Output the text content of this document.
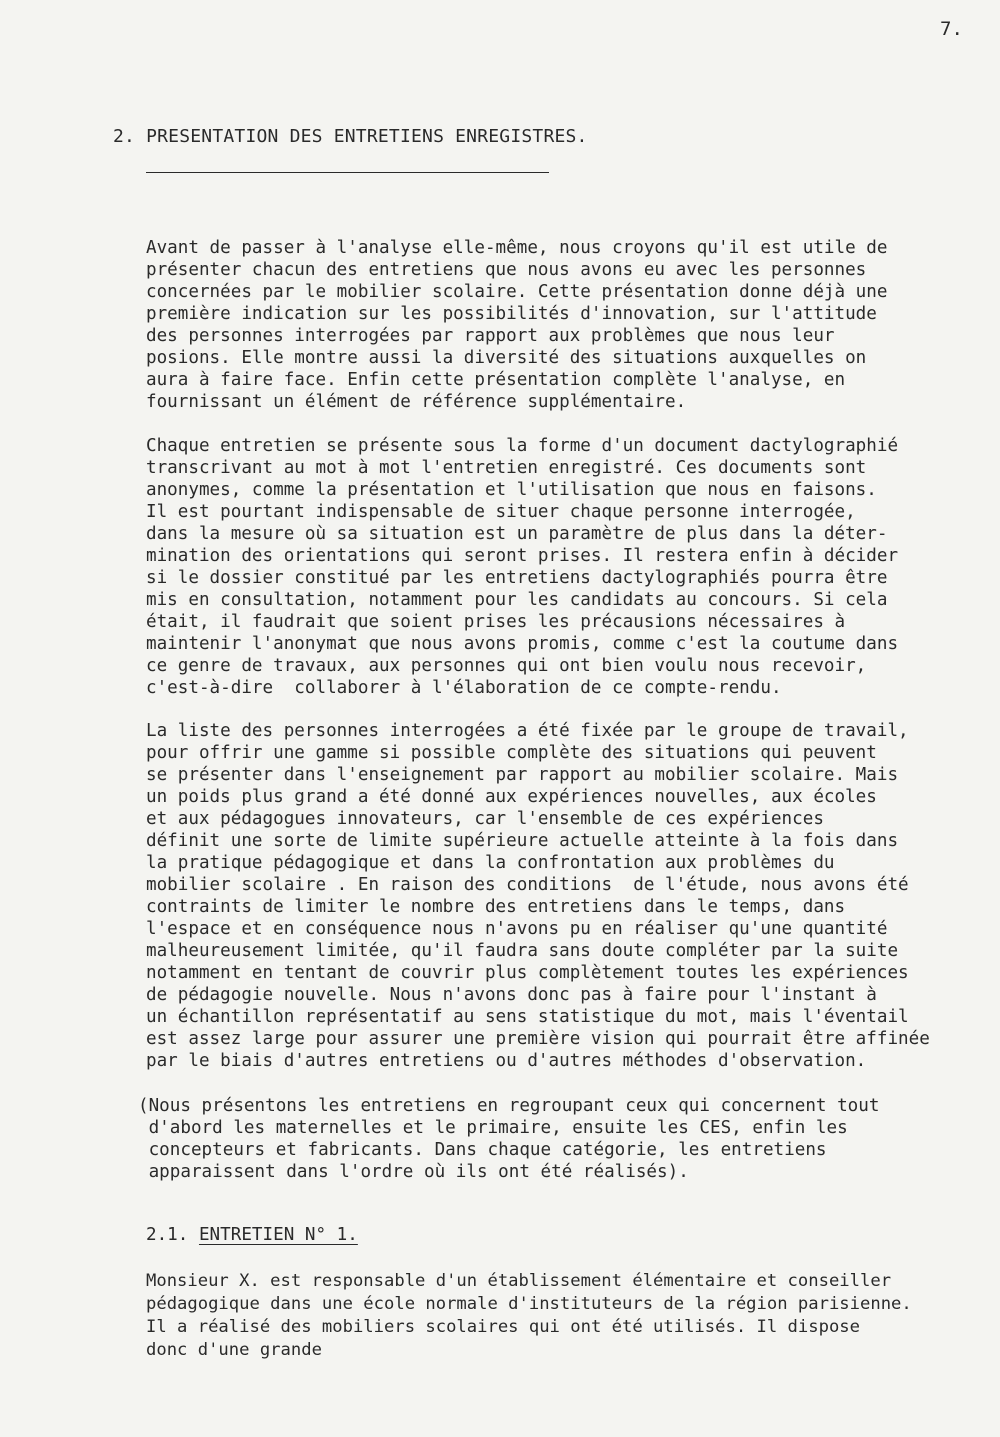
7.
2. PRESENTATION DES ENTRETIENS ENREGISTRES.

Avant de passer à l'analyse elle-même, nous croyons qu'il est utile de
présenter chacun des entretiens que nous avons eu avec les personnes
concernées par le mobilier scolaire. Cette présentation donne déjà une
première indication sur les possibilités d'innovation, sur l'attitude
des personnes interrogées par rapport aux problèmes que nous leur
posions. Elle montre aussi la diversité des situations auxquelles on
aura à faire face. Enfin cette présentation complète l'analyse, en
fournissant un élément de référence supplémentaire.

Chaque entretien se présente sous la forme d'un document dactylographié
transcrivant au mot à mot l'entretien enregistré. Ces documents sont
anonymes, comme la présentation et l'utilisation que nous en faisons.
Il est pourtant indispensable de situer chaque personne interrogée,
dans la mesure où sa situation est un paramètre de plus dans la déter-
mination des orientations qui seront prises. Il restera enfin à décider
si le dossier constitué par les entretiens dactylographiés pourra être
mis en consultation, notamment pour les candidats au concours. Si cela
était, il faudrait que soient prises les précausions nécessaires à
maintenir l'anonymat que nous avons promis, comme c'est la coutume dans
ce genre de travaux, aux personnes qui ont bien voulu nous recevoir,
c'est-à-dire  collaborer à l'élaboration de ce compte-rendu.

La liste des personnes interrogées a été fixée par le groupe de travail,
pour offrir une gamme si possible complète des situations qui peuvent
se présenter dans l'enseignement par rapport au mobilier scolaire. Mais
un poids plus grand a été donné aux expériences nouvelles, aux écoles
et aux pédagogues innovateurs, car l'ensemble de ces expériences
définit une sorte de limite supérieure actuelle atteinte à la fois dans
la pratique pédagogique et dans la confrontation aux problèmes du
mobilier scolaire . En raison des conditions  de l'étude, nous avons été
contraints de limiter le nombre des entretiens dans le temps, dans
l'espace et en conséquence nous n'avons pu en réaliser qu'une quantité
malheureusement limitée, qu'il faudra sans doute compléter par la suite
notamment en tentant de couvrir plus complètement toutes les expériences
de pédagogie nouvelle. Nous n'avons donc pas à faire pour l'instant à
un échantillon représentatif au sens statistique du mot, mais l'éventail
est assez large pour assurer une première vision qui pourrait être affinée
par le biais d'autres entretiens ou d'autres méthodes d'observation.

(Nous présentons les entretiens en regroupant ceux qui concernent tout
d'abord les maternelles et le primaire, ensuite les CES, enfin les
concepteurs et fabricants. Dans chaque catégorie, les entretiens
apparaissent dans l'ordre où ils ont été réalisés).

2.1. ENTRETIEN N° 1.

Monsieur X. est responsable d'un établissement élémentaire et conseiller
pédagogique dans une école normale d'instituteurs de la région parisienne.
Il a réalisé des mobiliers scolaires qui ont été utilisés. Il dispose
donc d'une grande
